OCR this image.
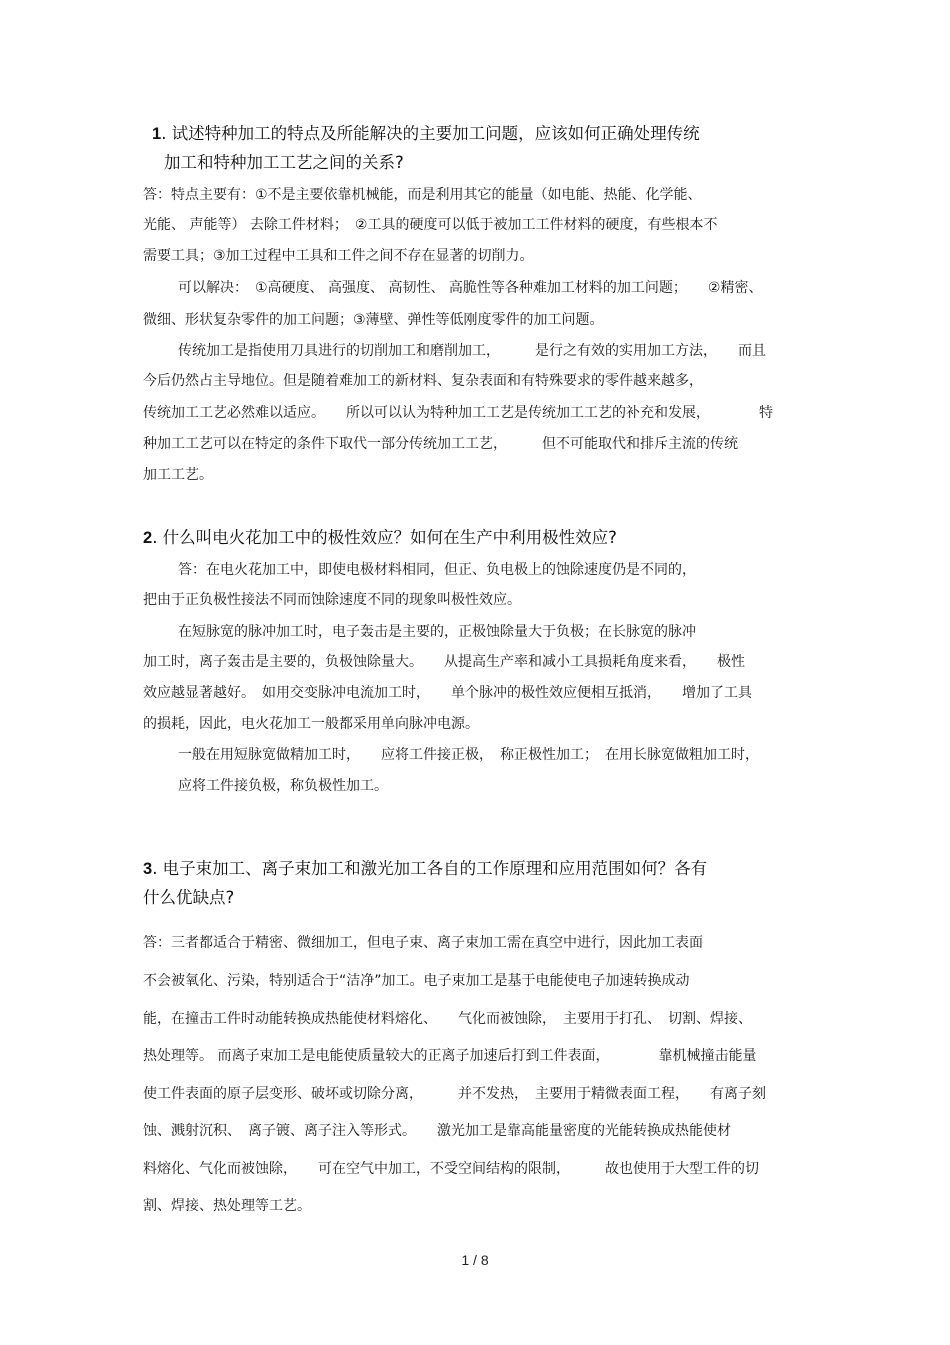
1. 试述特种加工的特点及所能解决的主要加工问题，应该如何正确处理传统
加工和特种加工工艺之间的关系?
答：特点主要有：①不是主要依靠机械能，而是利用其它的能量（如电能、热能、化学能、
光能、 声能等） 去除工件材料；　②工具的硬度可以低于被加工工件材料的硬度，有些根本不
需要工具；③加工过程中工具和工件之间不存在显著的切削力。
可以解决：　①高硬度、 高强度、 高韧性、 高脆性等各种难加工材料的加工问题；　　②精密、
微细、形状复杂零件的加工问题；③薄壁、弹性等低刚度零件的加工问题。
传统加工是指使用刀具进行的切削加工和磨削加工，　　　是行之有效的实用加工方法，　　而且
今后仍然占主导地位。但是随着难加工的新材料、复杂表面和有特殊要求的零件越来越多，
传统加工工艺必然难以适应。　　所以可以认为特种加工工艺是传统加工工艺的补充和发展，　　　　特
种加工工艺可以在特定的条件下取代一部分传统加工工艺，　　　但不可能取代和排斥主流的传统
加工工艺。
2. 什么叫电火花加工中的极性效应？如何在生产中利用极性效应?
答：在电火花加工中，即使电极材料相同，但正、负电极上的蚀除速度仍是不同的，
把由于正负极性接法不同而蚀除速度不同的现象叫极性效应。
在短脉宽的脉冲加工时，电子轰击是主要的，正极蚀除量大于负极；在长脉宽的脉冲
加工时，离子轰击是主要的，负极蚀除量大。　　从提高生产率和减小工具损耗角度来看，　　极性
效应越显著越好。　如用交变脉冲电流加工时，　　单个脉冲的极性效应便相互抵消，　　增加了工具
的损耗，因此，电火花加工一般都采用单向脉冲电源。
一般在用短脉宽做精加工时，　　应将工件接正极，　称正极性加工；　在用长脉宽做粗加工时，
应将工件接负极，称负极性加工。
3. 电子束加工、离子束加工和激光加工各自的工作原理和应用范围如何？各有
什么优缺点?
答：三者都适合于精密、微细加工，但电子束、离子束加工需在真空中进行，因此加工表面
不会被氧化、污染，特别适合于“洁净”加工。电子束加工是基于电能使电子加速转换成动
能，在撞击工件时动能转换成热能使材料熔化、　　气化而被蚀除，　主要用于打孔、　切割、焊接、
热处理等。 而离子束加工是电能使质量较大的正离子加速后打到工件表面，　　　　靠机械撞击能量
使工件表面的原子层变形、破坏或切除分离，　　　并不发热，　主要用于精微表面工程，　　有离子刻
蚀、溅射沉积、　离子镀、离子注入等形式。　　激光加工是靠高能量密度的光能转换成热能使材
料熔化、气化而被蚀除，　　可在空气中加工，不受空间结构的限制，　　　故也使用于大型工件的切
割、焊接、热处理等工艺。
1 / 8
